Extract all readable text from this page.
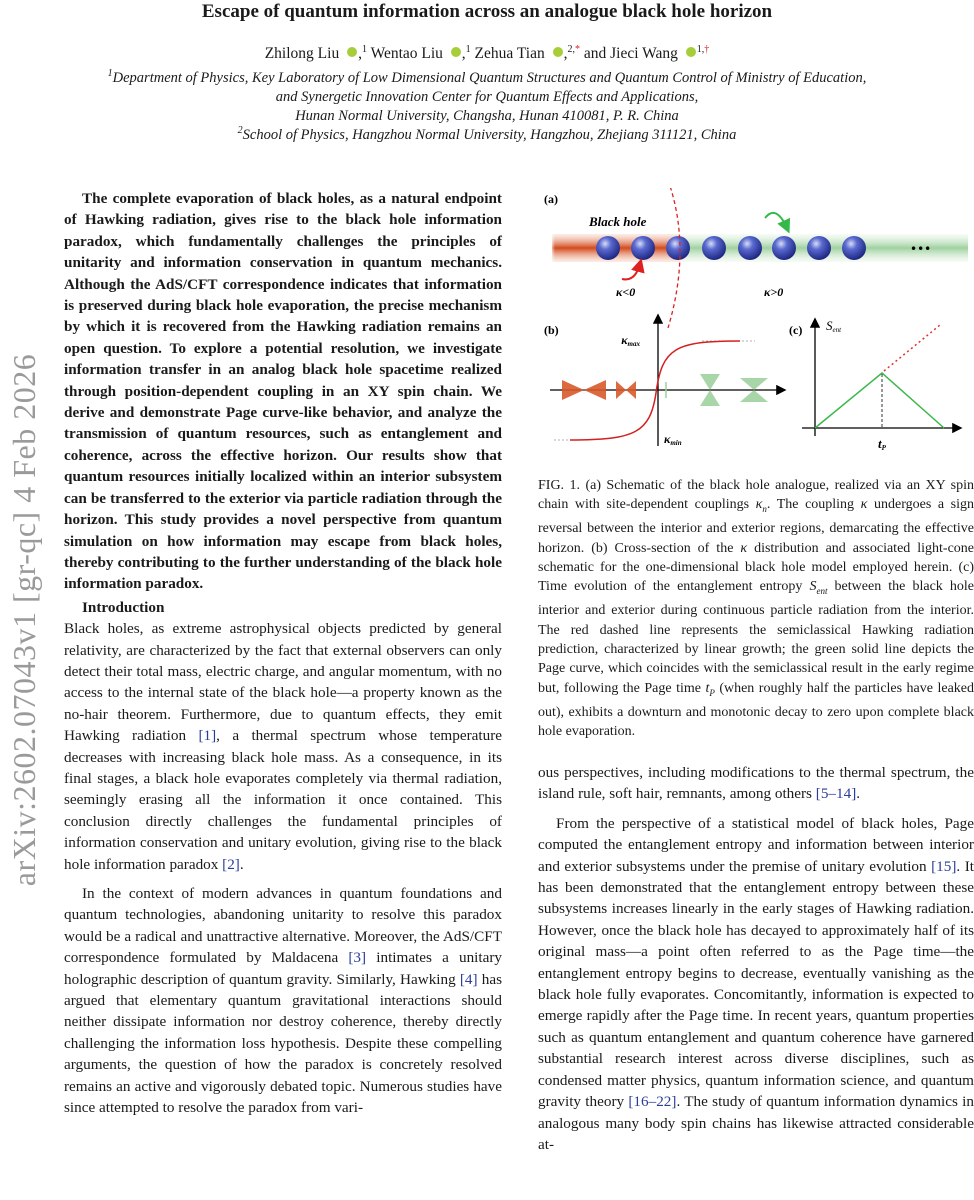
Escape of quantum information across an analogue black hole horizon
Zhilong Liu ,$^1$ Wentao Liu ,$^1$ Zehua Tian ,$^{2,*}$ and Jieci Wang $^{1,\dagger}$
$^1$Department of Physics, Key Laboratory of Low Dimensional Quantum Structures and Quantum Control of Ministry of Education,
and Synergetic Innovation Center for Quantum Effects and Applications,
Hunan Normal University, Changsha, Hunan 410081, P. R. China
$^2$School of Physics, Hangzhou Normal University, Hangzhou, Zhejiang 311121, China
arXiv:2602.07043v1 [gr-qc] 4 Feb 2026

The complete evaporation of black holes, as a natural endpoint of Hawking radiation, gives rise to the black hole information paradox, which fundamentally challenges the principles of unitarity and information conservation in quantum mechanics. Although the AdS/CFT correspondence indicates that information is preserved during black hole evaporation, the precise mechanism by which it is recovered from the Hawking radiation remains an open question. To explore a potential resolution, we investigate information transfer in an analog black hole spacetime realized through position-dependent coupling in an XY spin chain. We derive and demonstrate Page curve-like behavior, and analyze the transmission of quantum resources, such as entanglement and coherence, across the effective horizon. Our results show that quantum resources initially localized within an interior subsystem can be transferred to the exterior via particle radiation through the horizon. This study provides a novel perspective from quantum simulation on how information may escape from black holes, thereby contributing to the further understanding of the black hole information paradox.

Introduction

Black holes, as extreme astrophysical objects predicted by general relativity, are characterized by the fact that external observers can only detect their total mass, electric charge, and angular momentum, with no access to the internal state of the black hole—a property known as the no-hair theorem. Furthermore, due to quantum effects, they emit Hawking radiation [1], a thermal spectrum whose temperature decreases with increasing black hole mass. As a consequence, in its final stages, a black hole evaporates completely via thermal radiation, seemingly erasing all the information it once contained. This conclusion directly challenges the fundamental principles of information conservation and unitary evolution, giving rise to the black hole information paradox [2].

In the context of modern advances in quantum foundations and quantum technologies, abandoning unitarity to resolve this paradox would be a radical and unattractive alternative. Moreover, the AdS/CFT correspondence formulated by Maldacena [3] intimates a unitary holographic description of quantum gravity. Similarly, Hawking [4] has argued that elementary quantum gravitational interactions should neither dissipate information nor destroy coherence, thereby directly challenging the information loss hypothesis. Despite these compelling arguments, the question of how the paradox is concretely resolved remains an active and vigorously debated topic. Numerous studies have since attempted to resolve the paradox from vari-

(a)
Black hole
•••
κ<0	κ>0
(b)
κmax
κmin
(c) Sent
tP

FIG. 1. (a) Schematic of the black hole analogue, realized via an XY spin chain with site-dependent couplings $\kappa_n$. The coupling κ undergoes a sign reversal between the interior and exterior regions, demarcating the effective horizon. (b) Cross-section of the κ distribution and associated light-cone schematic for the one-dimensional black hole model employed herein. (c) Time evolution of the entanglement entropy $S_{ent}$ between the black hole interior and exterior during continuous particle radiation from the interior. The red dashed line represents the semiclassical Hawking radiation prediction, characterized by linear growth; the green solid line depicts the Page curve, which coincides with the semiclassical result in the early regime but, following the Page time $t_P$ (when roughly half the particles have leaked out), exhibits a downturn and monotonic decay to zero upon complete black hole evaporation.

ous perspectives, including modifications to the thermal spectrum, the island rule, soft hair, remnants, among others [5–14].

From the perspective of a statistical model of black holes, Page computed the entanglement entropy and information between interior and exterior subsystems under the premise of unitary evolution [15]. It has been demonstrated that the entanglement entropy between these subsystems increases linearly in the early stages of Hawking radiation. However, once the black hole has decayed to approximately half of its original mass—a point often referred to as the Page time—the entanglement entropy begins to decrease, eventually vanishing as the black hole fully evaporates. Concomitantly, information is expected to emerge rapidly after the Page time. In recent years, quantum properties such as quantum entanglement and quantum coherence have garnered substantial research interest across diverse disciplines, such as condensed matter physics, quantum information science, and quantum gravity theory [16–22]. The study of quantum information dynamics in analogous many body spin chains has likewise attracted considerable at-
